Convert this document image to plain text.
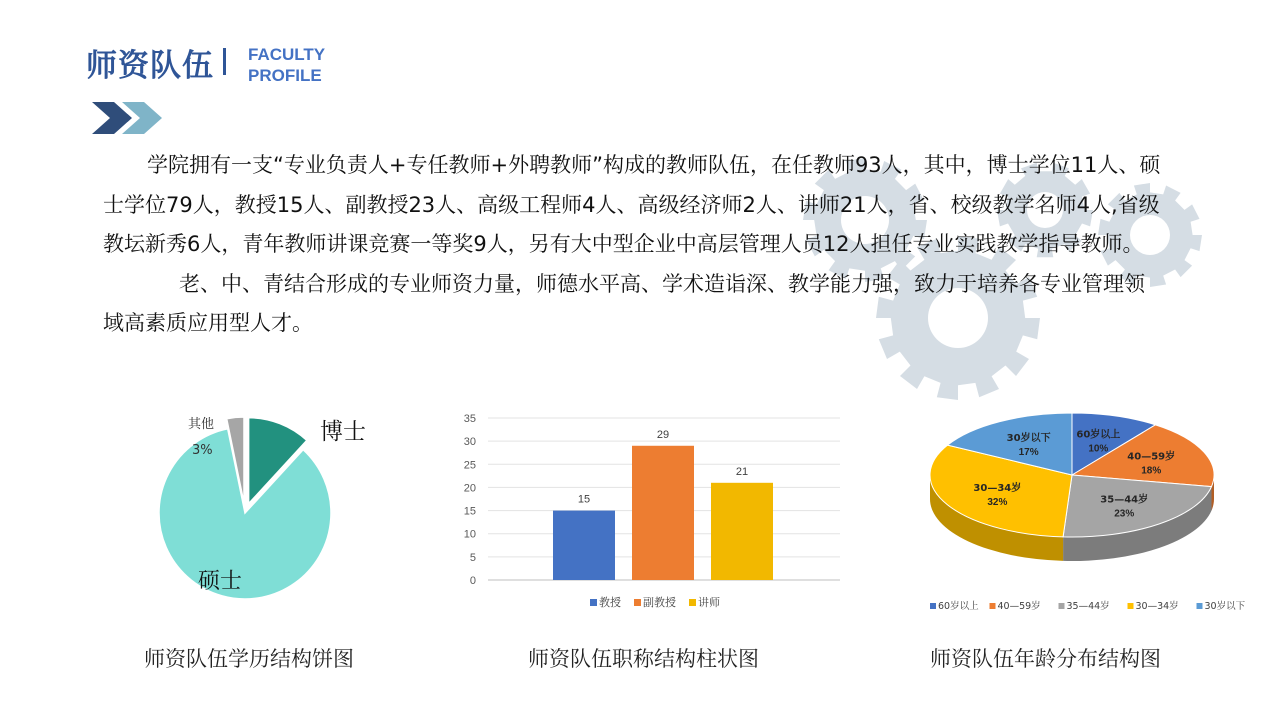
师资队伍 FACULTY
PROFILE

学院拥有一支“专业负责人+专任教师+外聘教师”构成的教师队伍，在任教师93人，其中，博士学位11人、硕士学位79人，教授15人、副教授23人、高级工程师4人、高级经济师2人、讲师21人，省、校级教学名师4人,省级教坛新秀6人，青年教师讲课竞赛一等奖9人，另有大中型企业中高层管理人员12人担任专业实践教学指导教师。

老、中、青结合形成的专业师资力量，师德水平高、学术造诣深、教学能力强，致力于培养各专业管理领域高素质应用型人才。

博士
硕士
其他
3%
0
5
10
15
20
25
30
35
15
29
21
教授 副教授 讲师
60岁以上
10%
40—59岁
18%
35—44岁
23%
30—34岁
32%
30岁以下
17%
60岁以上 40—59岁	35—44岁	30—34岁	30岁以下
师资队伍学历结构饼图	师资队伍职称结构柱状图	师资队伍年龄分布结构图
